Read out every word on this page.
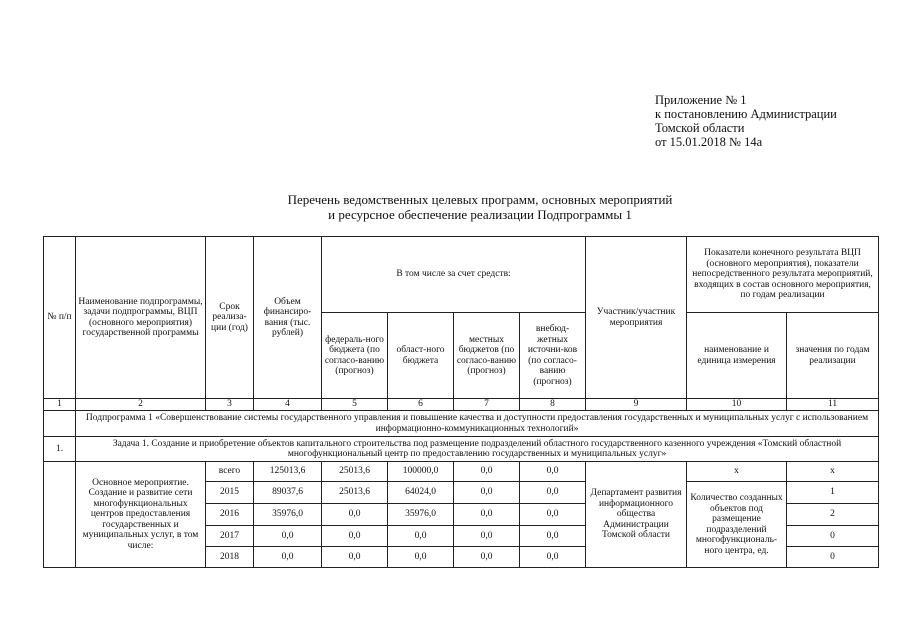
Приложение № 1
к постановлению Администрации
Томской области
от 15.01.2018 № 14а
Перечень ведомственных целевых программ, основных мероприятий
и ресурсное обеспечение реализации Подпрограммы 1
№ п/п	Наименование подпрограммы, задачи подпрограммы, ВЦП (основного мероприятия) государственной программы	Срок реализа-ции (год)	Объем финансиро-вания (тыс. рублей)	В том числе за счет средств:				Участник/участник мероприятия	Показатели конечного результата ВЦП (основного мероприятия), показатели непосредственного результата мероприятий, входящих в состав основного мероприятия, по годам реализации	
				федераль-ного бюджета (по согласо-ванию (прогноз)	област-ного бюджета	местных бюджетов (по согласо-ванию (прогноз)	внебюд-жетных источни-ков (по согласо-ванию (прогноз)		наименование и единица измерения	значения по годам реализации
1	2	3	4	5	6	7	8	9	10	11
	Подпрограмма 1 «Совершенствование системы государственного управления и повышение качества и доступности предоставления государственных и муниципальных услуг с использованием информационно-коммуникационных технологий»									
1.	Задача 1. Создание и приобретение объектов капитального строительства под размещение подразделений областного государственного казенного учреждения «Томский областной многофункциональный центр по предоставлению государственных и муниципальных услуг»									
	Основное мероприятие. Создание и развитие сети многофункциональных центров предоставления государственных и муниципальных услуг, в том числе:	всего	125013,6	25013,6	100000,0	0,0	0,0	Департамент развития информационного общества Администрации Томской области	х	х
		2015	89037,6	25013,6	64024,0	0,0	0,0		Количество созданных объектов под размещение подразделений многофункциональ-ного центра, ед.	1
		2016	35976,0	0,0	35976,0	0,0	0,0			2
		2017	0,0	0,0	0,0	0,0	0,0			0
		2018	0,0	0,0	0,0	0,0	0,0			0
